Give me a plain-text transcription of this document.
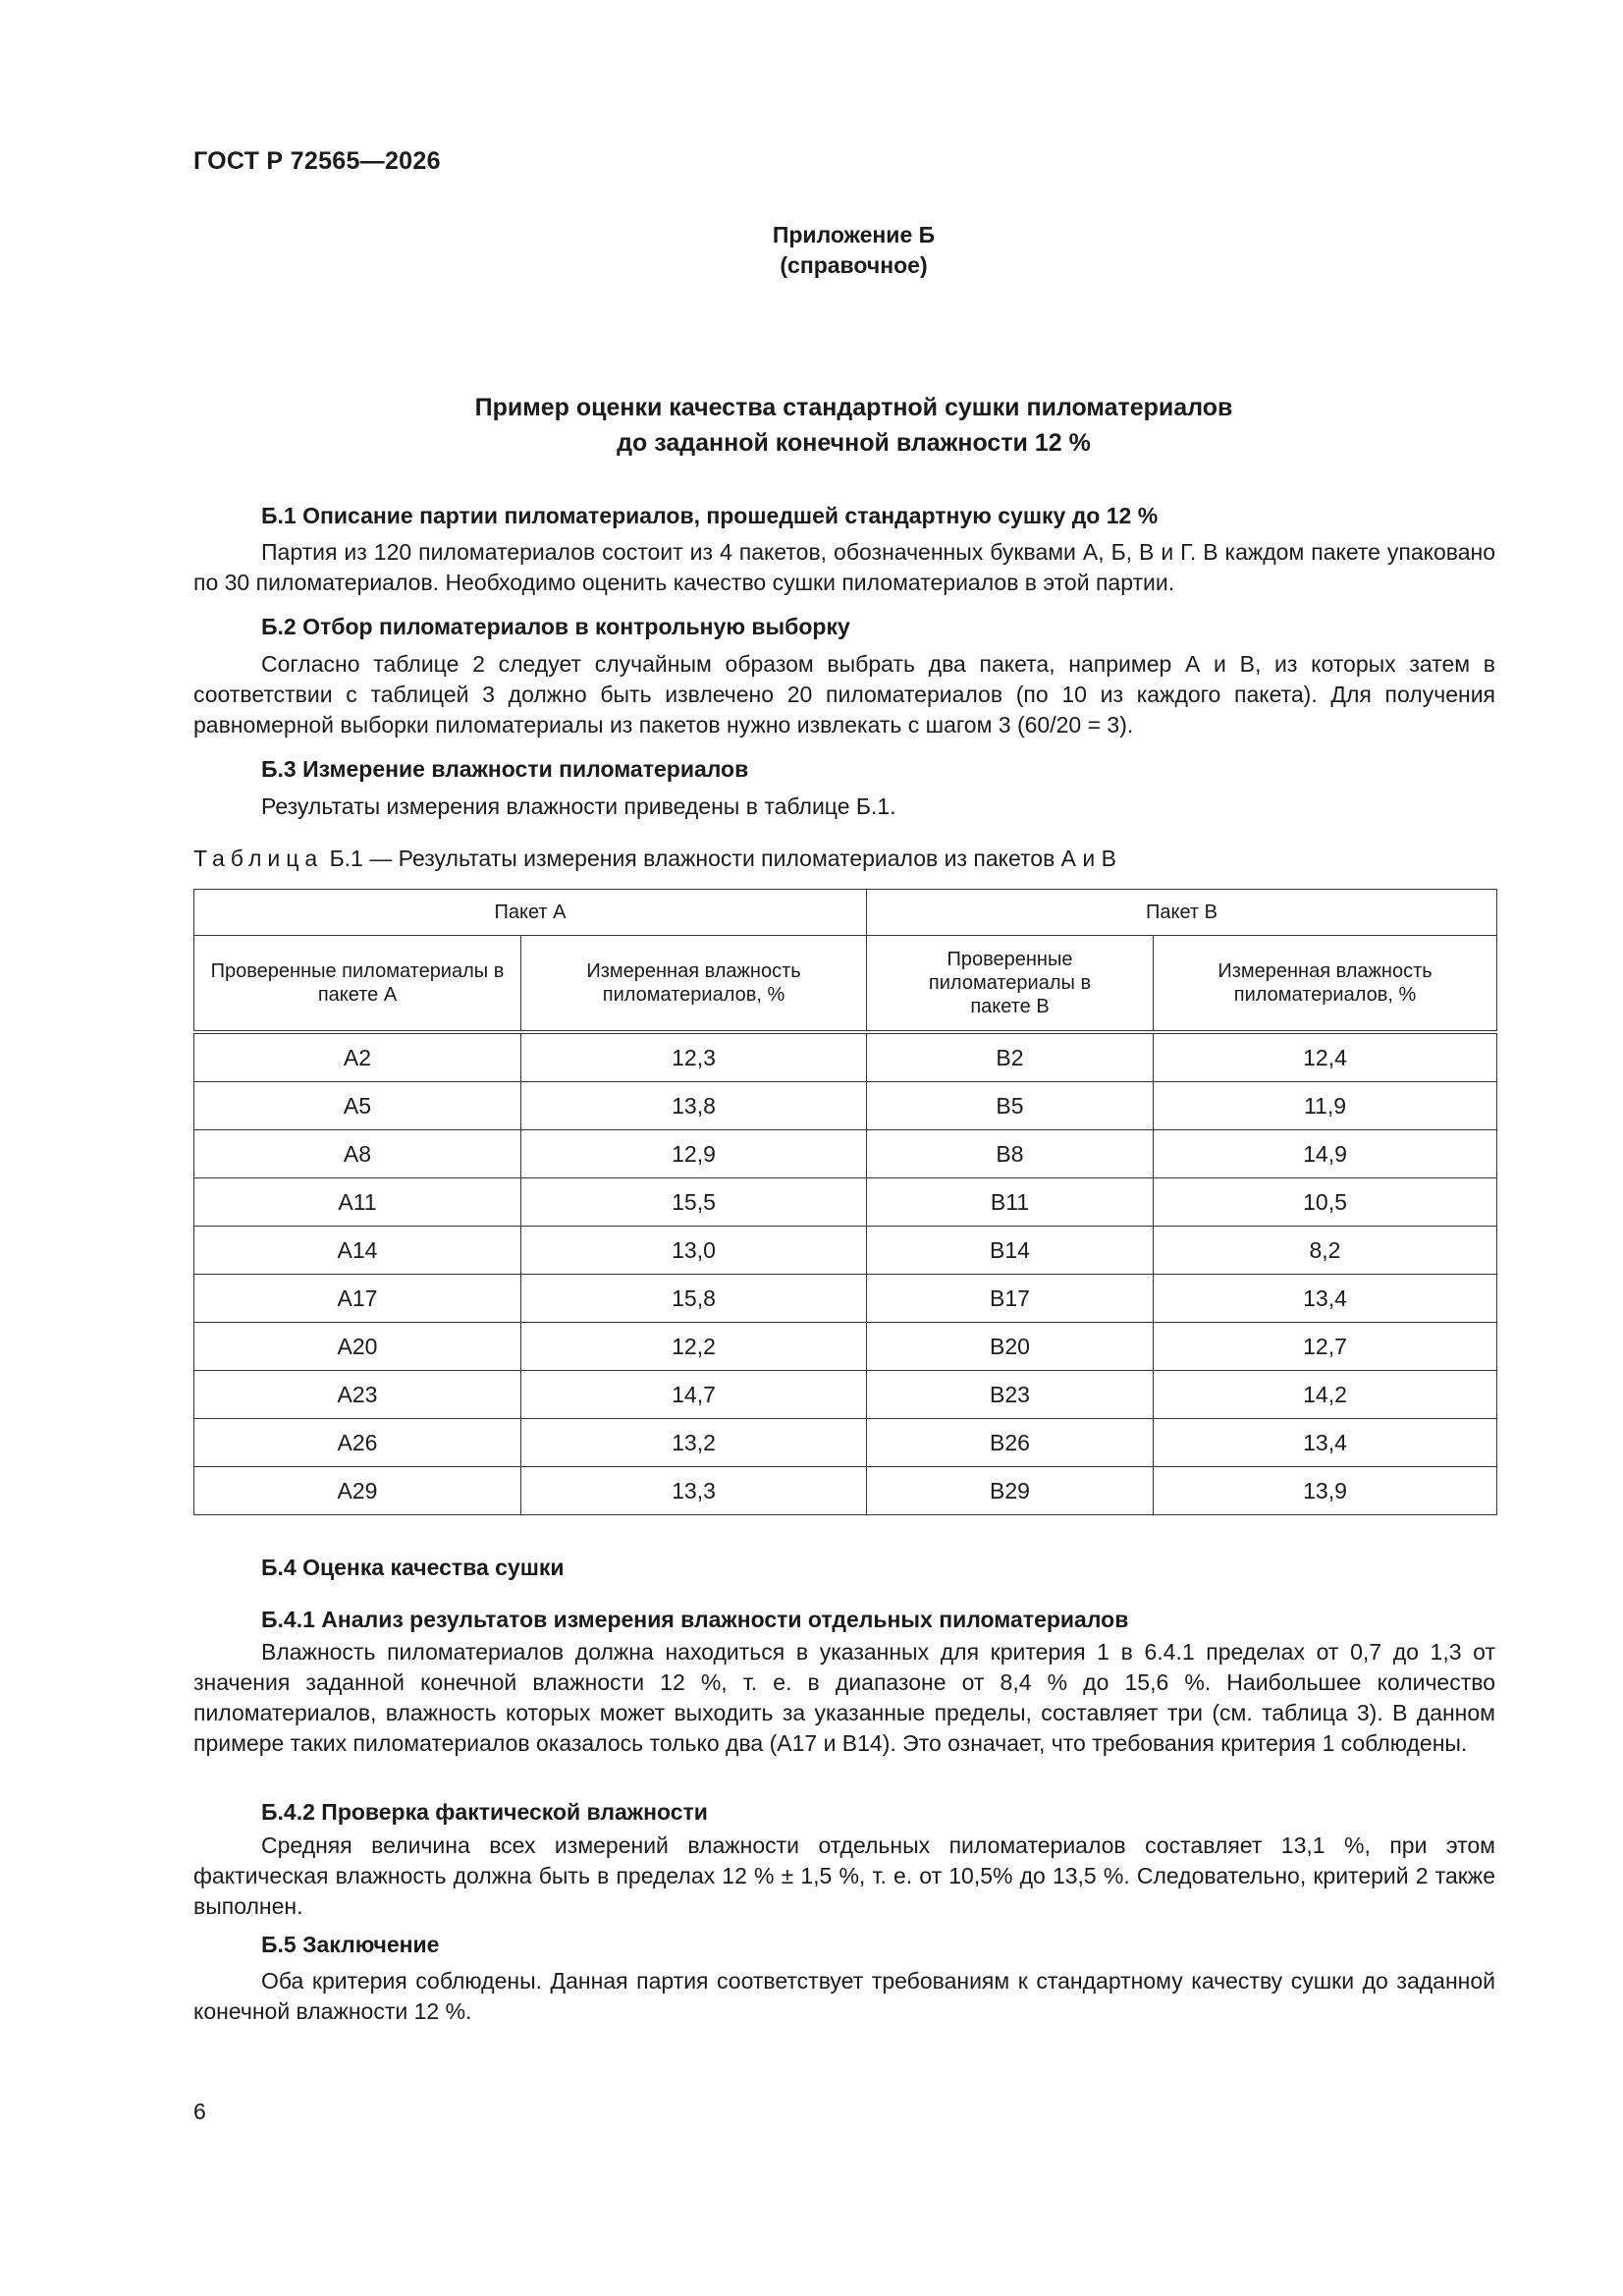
ГОСТ Р 72565—2026
Приложение Б
(справочное)
Пример оценки качества стандартной сушки пиломатериалов
до заданной конечной влажности 12 %
Б.1 Описание партии пиломатериалов, прошедшей стандартную сушку до 12 %
Партия из 120 пиломатериалов состоит из 4 пакетов, обозначенных буквами А, Б, В и Г. В каждом пакете упаковано по 30 пиломатериалов. Необходимо оценить качество сушки пиломатериалов в этой партии.
Б.2 Отбор пиломатериалов в контрольную выборку
Согласно таблице 2 следует случайным образом выбрать два пакета, например А и В, из которых затем в соответствии с таблицей 3 должно быть извлечено 20 пиломатериалов (по 10 из каждого пакета). Для получения равномерной выборки пиломатериалы из пакетов нужно извлекать с шагом 3 (60/20 = 3).
Б.3 Измерение влажности пиломатериалов
Результаты измерения влажности приведены в таблице Б.1.
Таблица Б.1 — Результаты измерения влажности пиломатериалов из пакетов А и В
Пакет А		Пакет В	

Проверенные пиломатериалы в пакете А	Измеренная влажность пиломатериалов, %	Проверенные пиломатериалы в пакете В	Измеренная влажность пиломатериалов, %

А2	12,3	В2	12,4
А5	13,8	В5	11,9
А8	12,9	В8	14,9
А11	15,5	В11	10,5
А14	13,0	В14	8,2
А17	15,8	В17	13,4
А20	12,2	В20	12,7
А23	14,7	В23	14,2
А26	13,2	В26	13,4
А29	13,3	В29	13,9
Б.4 Оценка качества сушки
Б.4.1 Анализ результатов измерения влажности отдельных пиломатериалов
Влажность пиломатериалов должна находиться в указанных для критерия 1 в 6.4.1 пределах от 0,7 до 1,3 от значения заданной конечной влажности 12 %, т. е. в диапазоне от 8,4 % до 15,6 %. Наибольшее количество пиломатериалов, влажность которых может выходить за указанные пределы, составляет три (см. таблица 3). В данном примере таких пиломатериалов оказалось только два (А17 и В14). Это означает, что требования критерия 1 соблюдены.
Б.4.2 Проверка фактической влажности
Средняя величина всех измерений влажности отдельных пиломатериалов составляет 13,1 %, при этом фактическая влажность должна быть в пределах 12 % ± 1,5 %, т. е. от 10,5% до 13,5 %. Следовательно, критерий 2 также выполнен.
Б.5 Заключение
Оба критерия соблюдены. Данная партия соответствует требованиям к стандартному качеству сушки до заданной конечной влажности 12 %.
6
